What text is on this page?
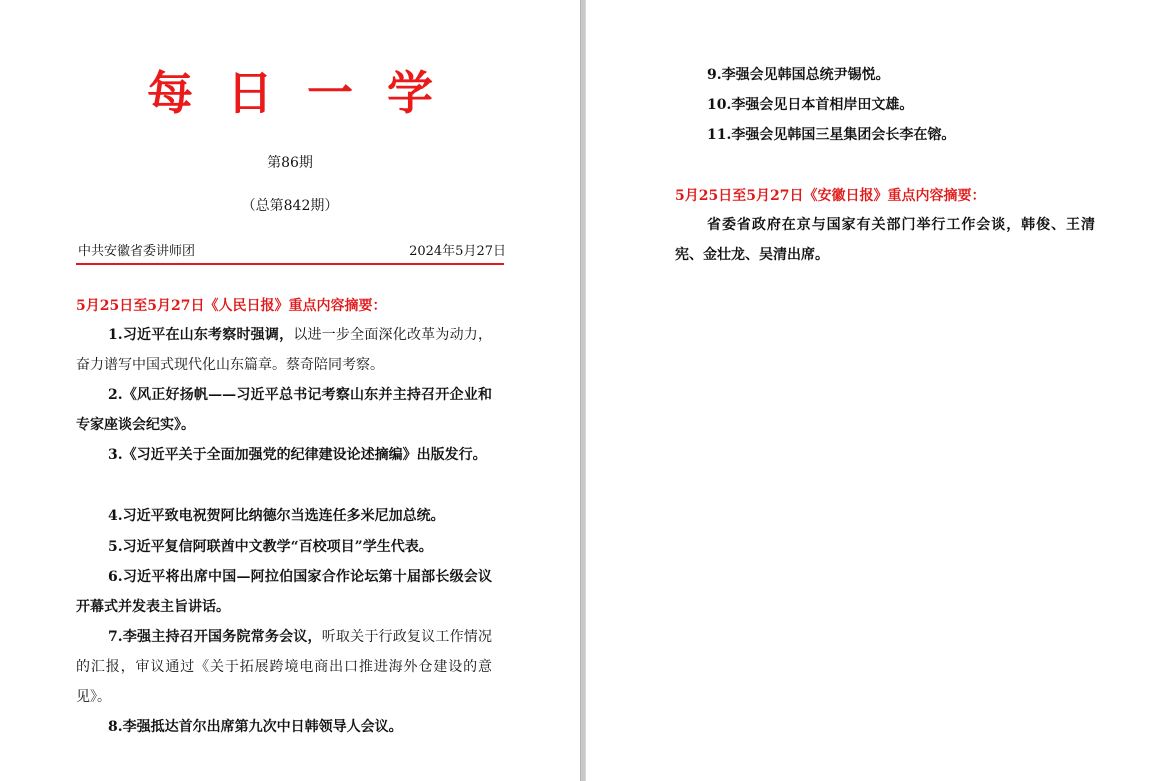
每日一学
第86期
（总第842期）
中共安徽省委讲师团	2024年5月27日
5月25日至5月27日《人民日报》重点内容摘要：
1.习近平在山东考察时强调，以进一步全面深化改革为动力，奋力谱写中国式现代化山东篇章。蔡奇陪同考察。
2.《风正好扬帆——习近平总书记考察山东并主持召开企业和专家座谈会纪实》。
3.《习近平关于全面加强党的纪律建设论述摘编》出版发行。
4.习近平致电祝贺阿比纳德尔当选连任多米尼加总统。
5.习近平复信阿联酋中文教学“百校项目”学生代表。
6.习近平将出席中国—阿拉伯国家合作论坛第十届部长级会议开幕式并发表主旨讲话。
7.李强主持召开国务院常务会议，听取关于行政复议工作情况的汇报，审议通过《关于拓展跨境电商出口推进海外仓建设的意见》。
8.李强抵达首尔出席第九次中日韩领导人会议。
9.李强会见韩国总统尹锡悦。
10.李强会见日本首相岸田文雄。
11.李强会见韩国三星集团会长李在镕。
5月25日至5月27日《安徽日报》重点内容摘要：
省委省政府在京与国家有关部门举行工作会谈，韩俊、王清宪、金壮龙、吴清出席。
